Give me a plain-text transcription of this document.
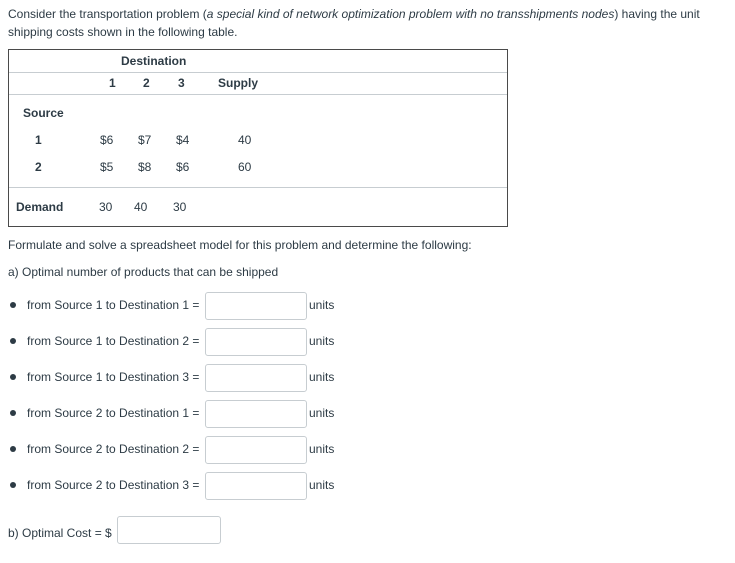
Consider the transportation problem (a special kind of network optimization problem with no transshipments nodes) having the unit shipping costs shown in the following table.
Destination
1 2 3	Supply
Source
1	$6 $7 $4	40
2	$5 $8 $6	60
Demand	30 40 30
Formulate and solve a spreadsheet model for this problem and determine the following:
a) Optimal number of products that can be shipped
from Source 1 to Destination 1 =	units
from Source 1 to Destination 2 =	units
from Source 1 to Destination 3 =	units
from Source 2 to Destination 1 =	units
from Source 2 to Destination 2 =	units
from Source 2 to Destination 3 =	units
b) Optimal Cost = $
